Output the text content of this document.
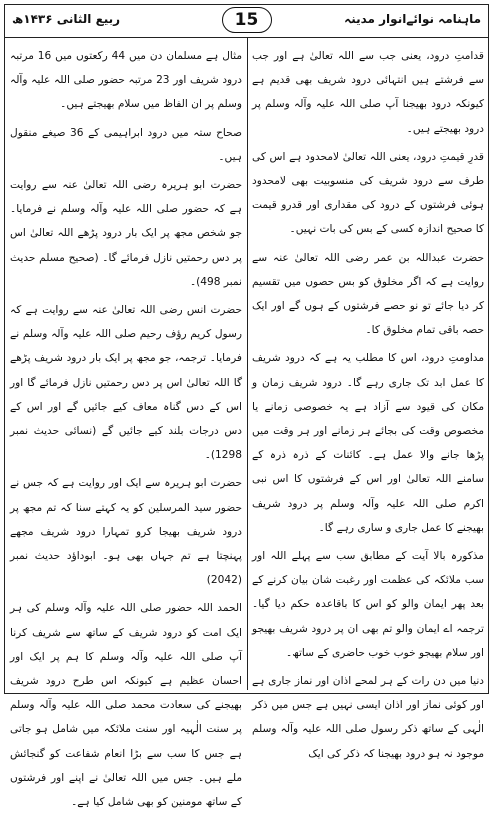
ربیع الثانی ۱۴۳۶ھ	15	ماہنامہ نوائےانوار مدینہ

قدامتِ درود، یعنی جب سے اللہ تعالیٰ ہے اور جب سے فرشتے ہیں انتہائی درود شریف بھی قدیم ہے کیونکہ درود بھیجنا آپ صلی اللہ علیہ وآلہ وسلم پر درود بھیجتے ہیں۔

قدرِ قیمتِ درود، یعنی اللہ تعالیٰ لامحدود ہے اس کی طرف سے درود شریف کی منسوبیت بھی لامحدود ہوئی فرشتوں کے درود کی مقداری اور قدرو قیمت کا صحیح اندازہ کسی کے بس کی بات نہیں۔

حضرت عبداللہ بن عمر رضی اللہ تعالیٰ عنہ سے روایت ہے کہ اگر مخلوق کو بس حصوں میں تقسیم کر دیا جائے تو نو حصے فرشتوں کے ہوں گے اور ایک حصہ باقی تمام مخلوق کا۔

مداومتِ درود، اس کا مطلب یہ ہے کہ درود شریف کا عمل ابد تک جاری رہے گا۔ درود شریف زمان و مکان کی قیود سے آزاد ہے یہ خصوصی زمانے یا مخصوص وقت کی بجائے ہر زمانے اور ہر وقت میں پڑھا جانے والا عمل ہے۔ کائنات کے ذرہ ذرہ کے سامنے اللہ تعالیٰ اور اس کے فرشتوں کا اس نبی اکرم صلی اللہ علیہ وآلہ وسلم پر درود شریف بھیجنے کا عمل جاری و ساری رہے گا۔

مذکورہ بالا آیت کے مطابق سب سے پہلے اللہ اور سب ملائکہ کی عظمت اور رغبت شان بیان کرنے کے بعد پھر ایمان والو کو اس کا باقاعدہ حکم دیا گیا۔ ترجمہ اے ایمان والو تم بھی ان پر درود شریف بھیجو اور سلام بھیجو خوب خوب حاضری کے ساتھ۔

دنیا میں دن رات کے ہر لمحے اذان اور نماز جاری ہے اور کوئی نماز اور اذان ایسی نہیں ہے جس میں ذکر الٰہی کے ساتھ ذکر رسول صلی اللہ علیہ وآلہ وسلم موجود نہ ہو درود بھیجنا کہ ذکر کی ایک

مثال ہے مسلمان دن میں 44 رکعتوں میں 16 مرتبہ درود شریف اور 23 مرتبہ حضور صلی اللہ علیہ وآلہ وسلم پر ان الفاظ میں سلام بھیجتے ہیں۔

صحاح ستہ میں درود ابراہیمی کے 36 صیغے منقول ہیں۔

حضرت ابو ہریرہ رضی اللہ تعالیٰ عنہ سے روایت ہے کہ حضور صلی اللہ علیہ وآلہ وسلم نے فرمایا۔ جو شخص مجھ پر ایک بار درود پڑھے اللہ تعالیٰ اس پر دس رحمتیں نازل فرمائے گا۔ (صحیح مسلم حدیث نمبر 498)۔

حضرت انس رضی اللہ تعالیٰ عنہ سے روایت ہے کہ رسول کریم رؤف رحیم صلی اللہ علیہ وآلہ وسلم نے فرمایا۔ ترجمہ، جو مجھ پر ایک بار درود شریف پڑھے گا اللہ تعالیٰ اس پر دس رحمتیں نازل فرمائے گا اور اس کے دس گناہ معاف کیے جائیں گے اور اس کے دس درجات بلند کیے جائیں گے (نسائی حدیث نمبر 1298)۔

حضرت ابو ہریرہ سے ایک اور روایت ہے کہ جس نے حضور سید المرسلین کو یہ کہتے سنا کہ تم مجھ پر درود شریف بھیجا کرو تمہارا درود شریف مجھے پہنچتا ہے تم جہاں بھی ہو۔ ابوداؤد حدیث نمبر (2042)

الحمد اللہ حضور صلی اللہ علیہ وآلہ وسلم کی ہر ایک امت کو درود شریف کے ساتھ سے شریف کرنا آپ صلی اللہ علیہ وآلہ وسلم کا ہم پر ایک اور احسان عظیم ہے کیونکہ اس طرح درود شریف بھیجنے کی سعادت محمد صلی اللہ علیہ وآلہ وسلم پر سنت الٰہیہ اور سنت ملائکہ میں شامل ہو جاتی ہے جس کا سب سے بڑا انعام شفاعت کو گنجائش ملے ہیں۔ جس میں اللہ تعالیٰ نے اپنے اور فرشتوں کے ساتھ مومنین کو بھی شامل کیا ہے۔
